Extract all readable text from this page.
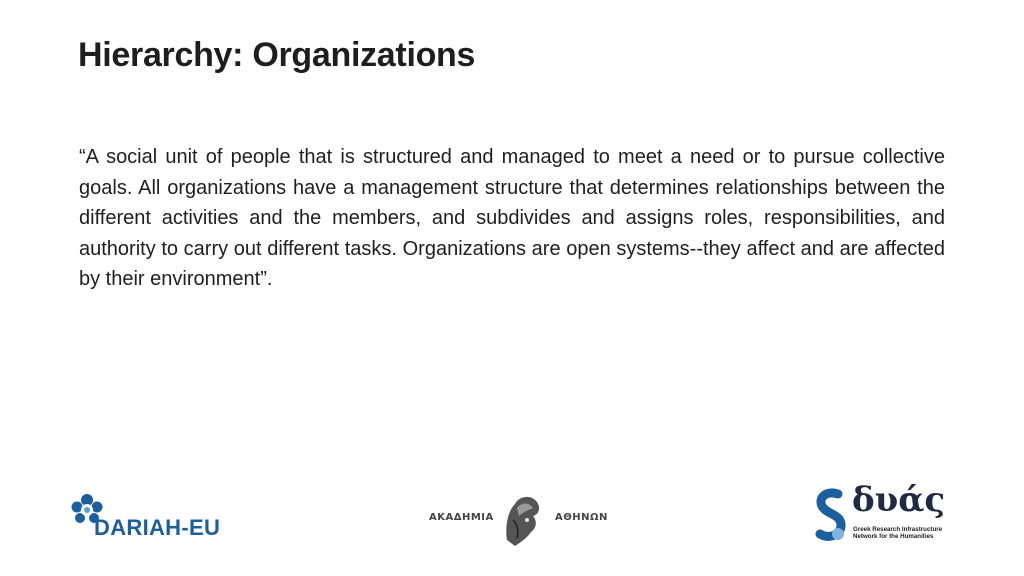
Hierarchy: Organizations

“A social unit of people that is structured and managed to meet a need or to pursue collective goals. All organizations have a management structure that determines relationships between the different activities and the members, and subdivides and assigns roles, responsibilities, and authority to carry out different tasks. Organizations are open systems--they affect and are affected by their environment”.

DARIAH-EU	ΑΚΑΔΗΜΙΑ	ΑΘΗΝΩΝ	δυάς
Greek Research Infrastructure
Network for the Humanities
